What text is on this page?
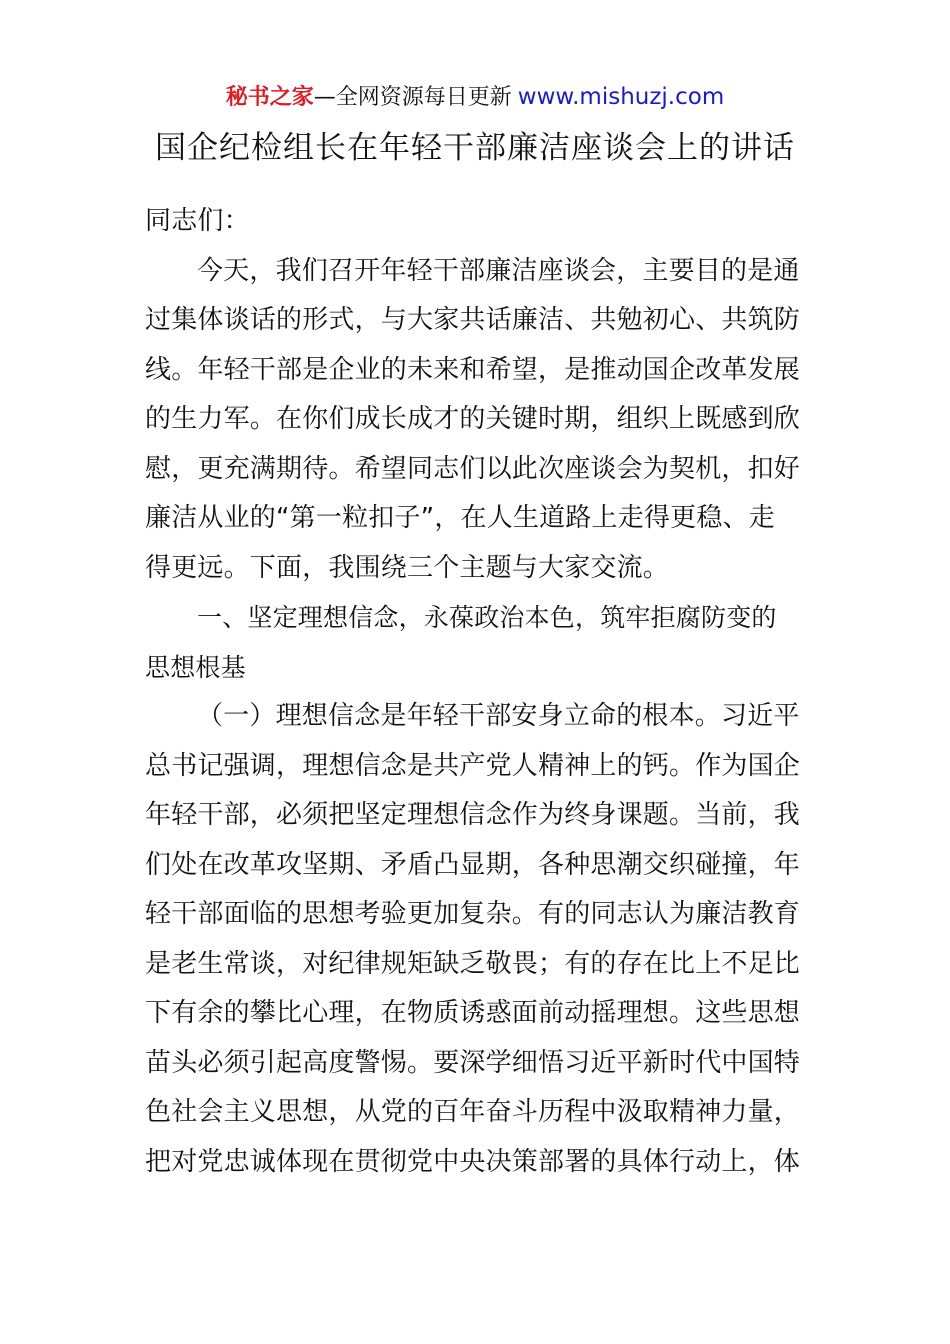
秘书之家—全网资源每日更新 www.mishuzj.com
国企纪检组长在年轻干部廉洁座谈会上的讲话
同志们：
今天，我们召开年轻干部廉洁座谈会，主要目的是通
过集体谈话的形式，与大家共话廉洁、共勉初心、共筑防
线。年轻干部是企业的未来和希望，是推动国企改革发展
的生力军。在你们成长成才的关键时期，组织上既感到欣
慰，更充满期待。希望同志们以此次座谈会为契机，扣好
廉洁从业的“第一粒扣子”，在人生道路上走得更稳、走
得更远。下面，我围绕三个主题与大家交流。
一、坚定理想信念，永葆政治本色，筑牢拒腐防变的
思想根基
（一）理想信念是年轻干部安身立命的根本。习近平
总书记强调，理想信念是共产党人精神上的钙。作为国企
年轻干部，必须把坚定理想信念作为终身课题。当前，我
们处在改革攻坚期、矛盾凸显期，各种思潮交织碰撞，年
轻干部面临的思想考验更加复杂。有的同志认为廉洁教育
是老生常谈，对纪律规矩缺乏敬畏；有的存在比上不足比
下有余的攀比心理，在物质诱惑面前动摇理想。这些思想
苗头必须引起高度警惕。要深学细悟习近平新时代中国特
色社会主义思想，从党的百年奋斗历程中汲取精神力量，
把对党忠诚体现在贯彻党中央决策部署的具体行动上，体
